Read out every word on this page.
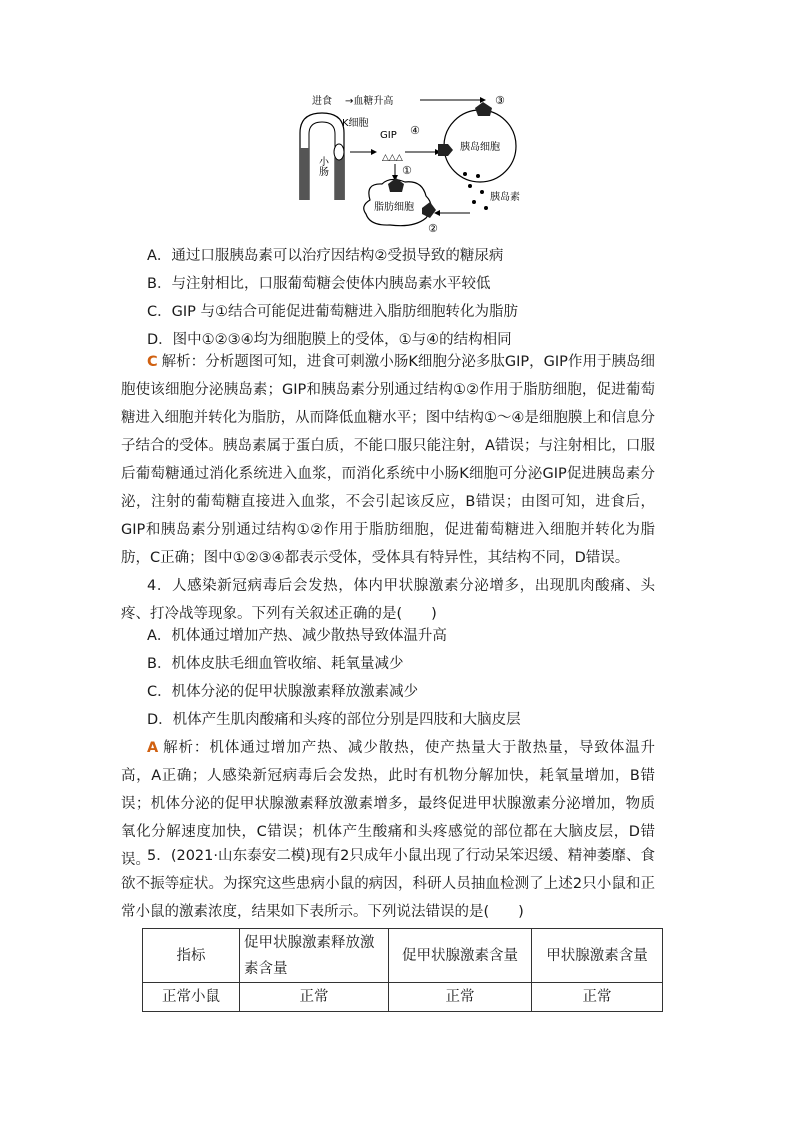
小肠
K细胞
进食 →血糖升高
GIP
△△△
④
胰岛细胞
③
胰岛素
脂肪细胞
①
②
A．通过口服胰岛素可以治疗因结构②受损导致的糖尿病
B．与注射相比，口服葡萄糖会使体内胰岛素水平较低
C．GIP 与①结合可能促进葡萄糖进入脂肪细胞转化为脂肪
D．图中①②③④均为细胞膜上的受体，①与④的结构相同
C 解析：分析题图可知，进食可刺激小肠K细胞分泌多肽GIP，GIP作用于胰岛细胞使该细胞分泌胰岛素；GIP和胰岛素分别通过结构①②作用于脂肪细胞，促进葡萄糖进入细胞并转化为脂肪，从而降低血糖水平；图中结构①～④是细胞膜上和信息分子结合的受体。胰岛素属于蛋白质，不能口服只能注射，A错误；与注射相比，口服后葡萄糖通过消化系统进入血浆，而消化系统中小肠K细胞可分泌GIP促进胰岛素分泌，注射的葡萄糖直接进入血浆，不会引起该反应，B错误；由图可知，进食后，GIP和胰岛素分别通过结构①②作用于脂肪细胞，促进葡萄糖进入细胞并转化为脂肪，C正确；图中①②③④都表示受体，受体具有特异性，其结构不同，D错误。
4．人感染新冠病毒后会发热，体内甲状腺激素分泌增多，出现肌肉酸痛、头疼、打冷战等现象。下列有关叙述正确的是(　　)
A．机体通过增加产热、减少散热导致体温升高
B．机体皮肤毛细血管收缩、耗氧量减少
C．机体分泌的促甲状腺激素释放激素减少
D．机体产生肌肉酸痛和头疼的部位分别是四肢和大脑皮层
A 解析：机体通过增加产热、减少散热，使产热量大于散热量，导致体温升高，A正确；人感染新冠病毒后会发热，此时有机物分解加快，耗氧量增加，B错误；机体分泌的促甲状腺激素释放激素增多，最终促进甲状腺激素分泌增加，物质氧化分解速度加快，C错误；机体产生酸痛和头疼感觉的部位都在大脑皮层，D错误。
5．(2021·山东泰安二模)现有2只成年小鼠出现了行动呆笨迟缓、精神萎靡、食欲不振等症状。为探究这些患病小鼠的病因，科研人员抽血检测了上述2只小鼠和正常小鼠的激素浓度，结果如下表所示。下列说法错误的是(　　)
指标	促甲状腺激素释放激素含量	促甲状腺激素含量	甲状腺激素含量
正常小鼠	正常	正常	正常
